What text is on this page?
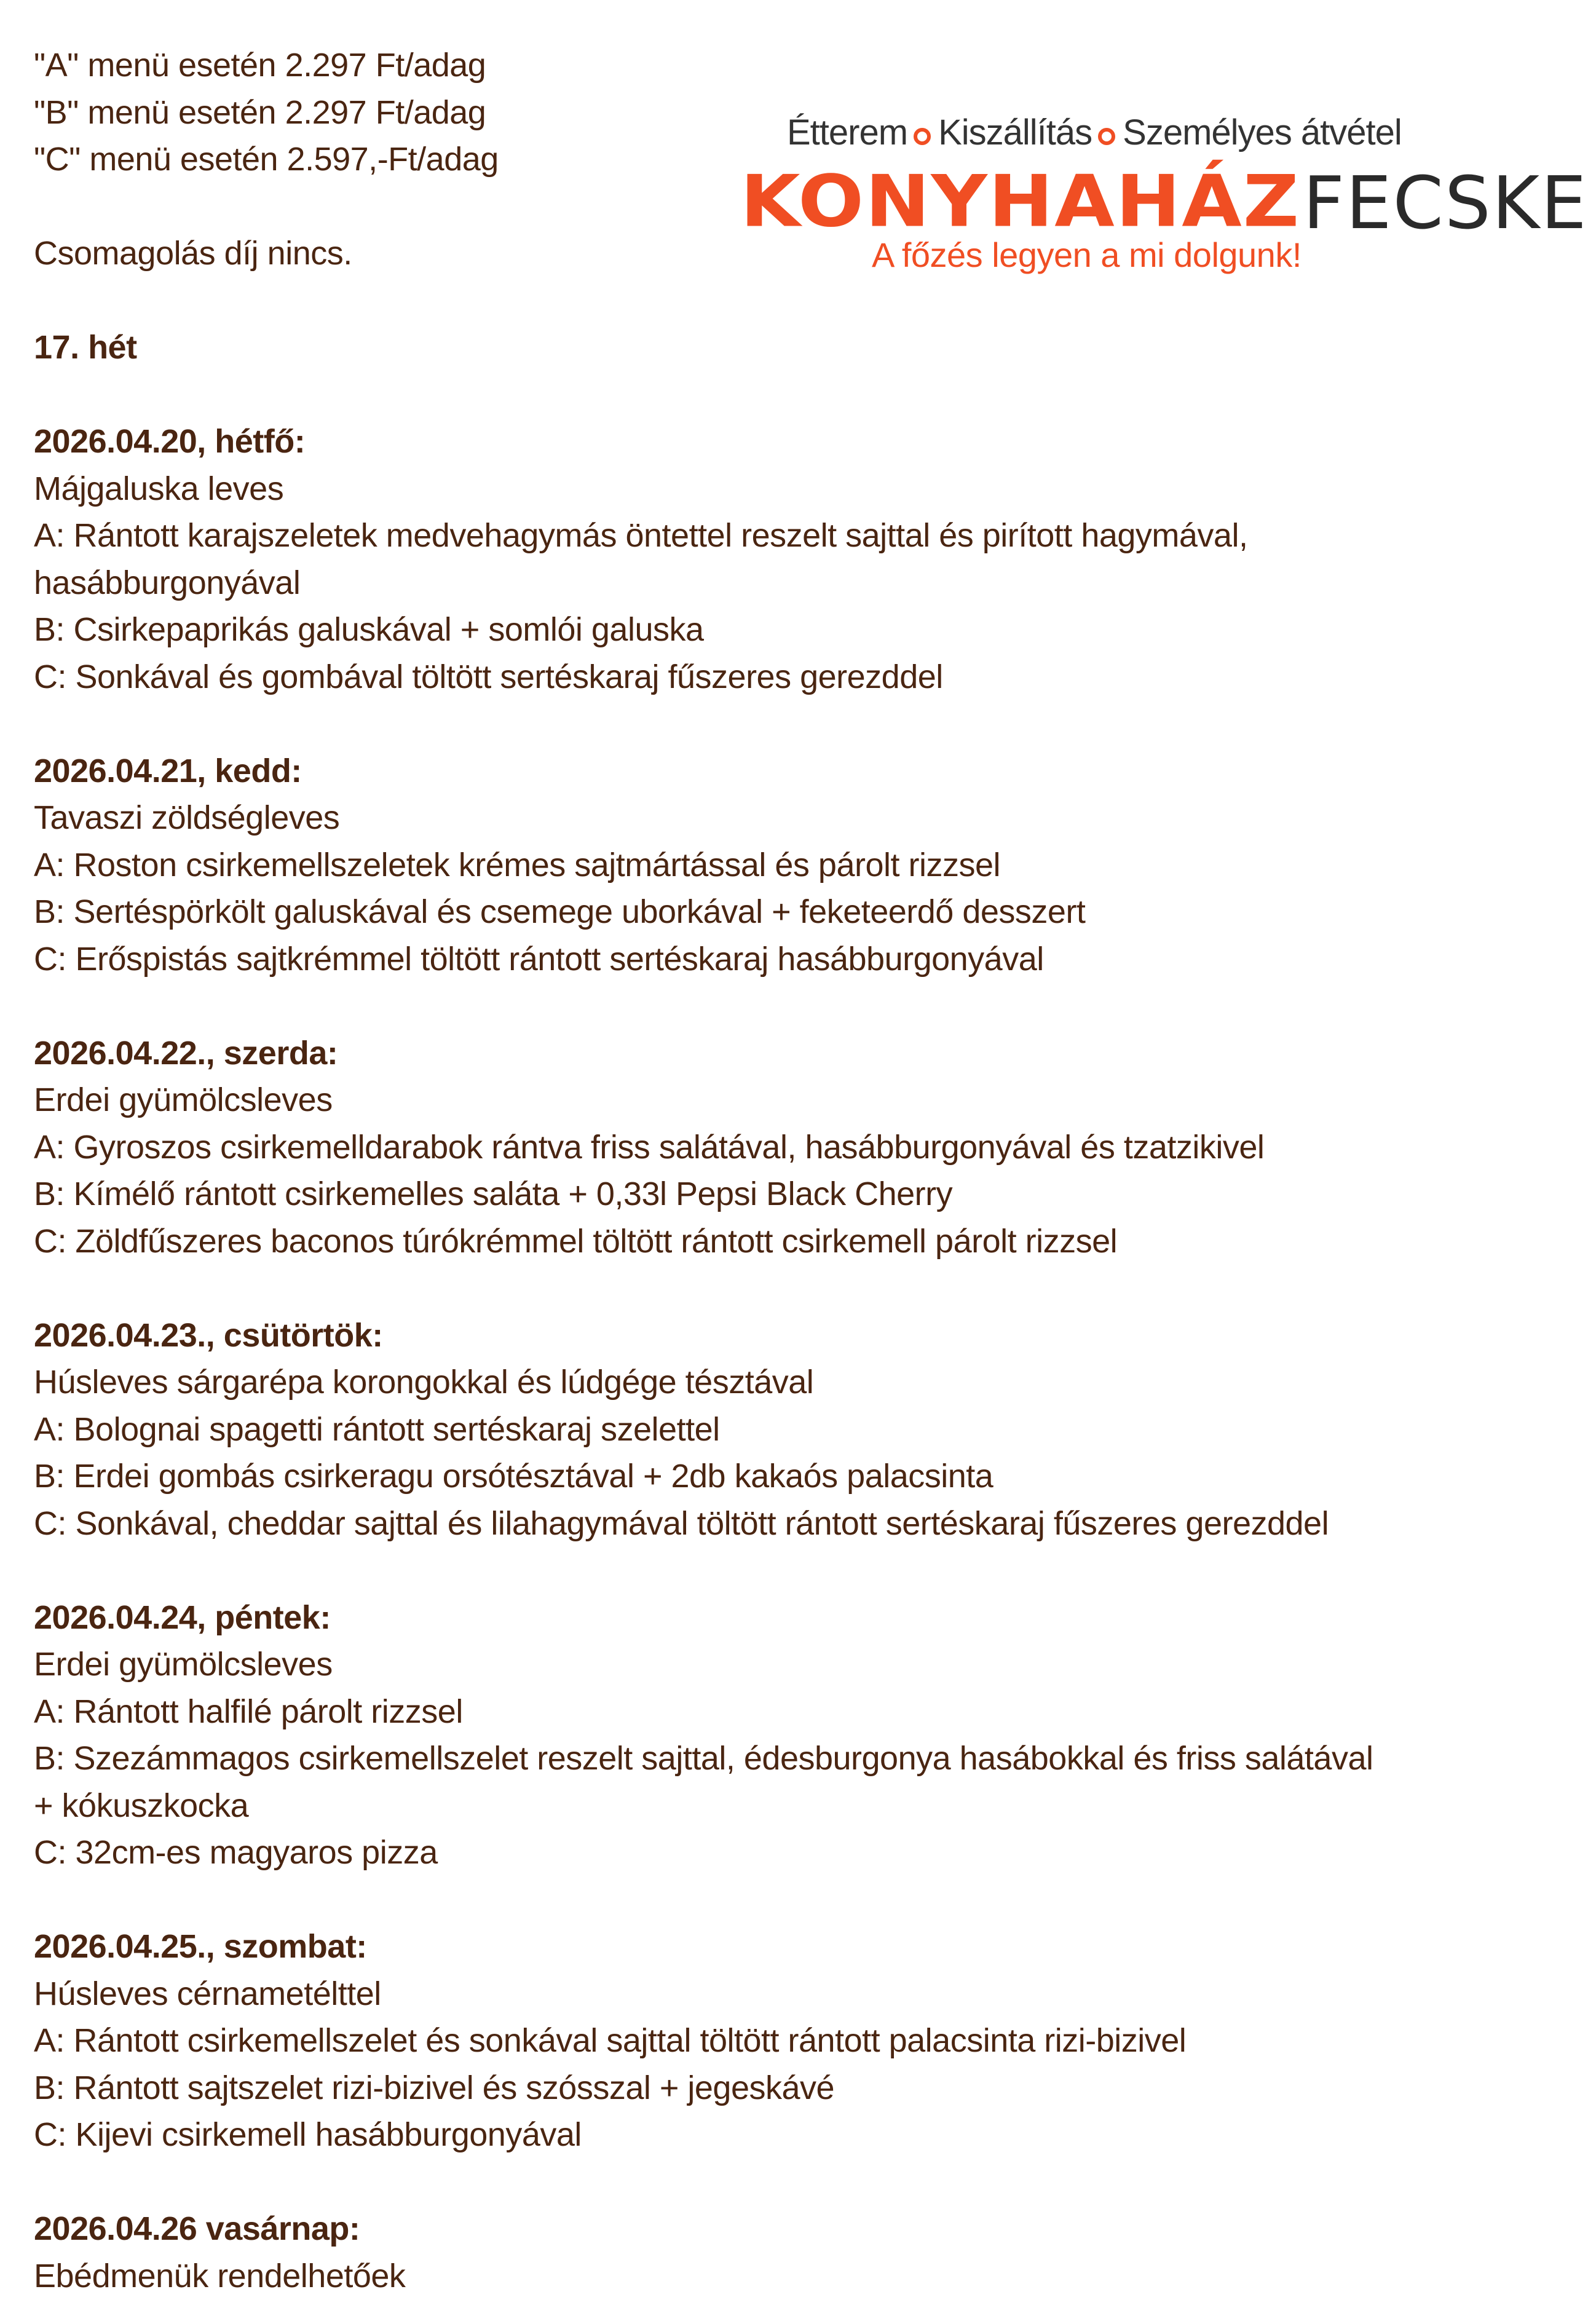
"A" menü esetén 2.297 Ft/adag
"B" menü esetén 2.297 Ft/adag
"C" menü esetén 2.597,-Ft/adag
Csomagolás díj nincs.
17. hét
2026.04.20, hétfő:
Májgaluska leves
A: Rántott karajszeletek medvehagymás öntettel reszelt sajttal és pirított hagymával,
hasábburgonyával
B: Csirkepaprikás galuskával + somlói galuska
C: Sonkával és gombával töltött sertéskaraj fűszeres gerezddel
2026.04.21, kedd:
Tavaszi zöldségleves
A: Roston csirkemellszeletek krémes sajtmártással és párolt rizzsel
B: Sertéspörkölt galuskával és csemege uborkával + feketeerdő desszert
C: Erőspistás sajtkrémmel töltött rántott sertéskaraj hasábburgonyával
2026.04.22., szerda:
Erdei gyümölcsleves
A: Gyroszos csirkemelldarabok rántva friss salátával, hasábburgonyával és tzatzikivel
B: Kímélő rántott csirkemelles saláta + 0,33l Pepsi Black Cherry
C: Zöldfűszeres baconos túrókrémmel töltött rántott csirkemell párolt rizzsel
2026.04.23., csütörtök:
Húsleves sárgarépa korongokkal és lúdgége tésztával
A: Bolognai spagetti rántott sertéskaraj szelettel
B: Erdei gombás csirkeragu orsótésztával + 2db kakaós palacsinta
C: Sonkával, cheddar sajttal és lilahagymával töltött rántott sertéskaraj fűszeres gerezddel
2026.04.24, péntek:
Erdei gyümölcsleves
A: Rántott halfilé párolt rizzsel
B: Szezámmagos csirkemellszelet reszelt sajttal, édesburgonya hasábokkal és friss salátával
+ kókuszkocka
C: 32cm-es magyaros pizza
2026.04.25., szombat:
Húsleves cérnametélttel
A: Rántott csirkemellszelet és sonkával sajttal töltött rántott palacsinta rizi-bizivel
B: Rántott sajtszelet rizi-bizivel és szósszal + jegeskávé
C: Kijevi csirkemell hasábburgonyával
2026.04.26 vasárnap:
Ebédmenük rendelhetőek
Étterem Kiszállítás Személyes átvétel
KONYHAHÁZ FECSKE
A főzés legyen a mi dolgunk!
